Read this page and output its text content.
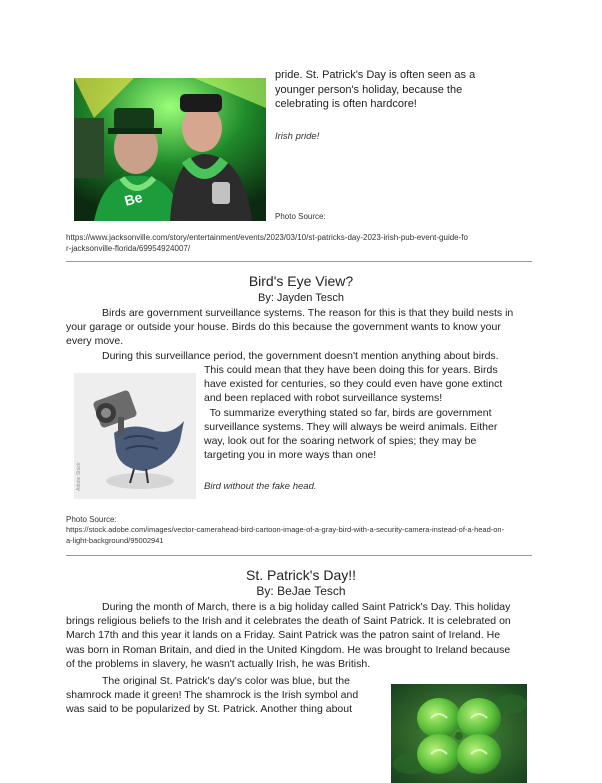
Be
pride. St. Patrick's Day is often seen as a
younger person's holiday, because the
celebrating is often hardcore!
Irish pride!
Photo Source:
https://www.jacksonville.com/story/entertainment/events/2023/03/10/st-patricks-day-2023-irish-pub-event-guide-fo
r-jacksonville-florida/69954924007/
Bird's Eye View?
By: Jayden Tesch
Birds are government surveillance systems. The reason for this is that they build nests in
your garage or outside your house. Birds do this because the government wants to know your
every move.
During this surveillance period, the government doesn't mention anything about birds.
Adobe Stock
This could mean that they have been doing this for years. Birds
have existed for centuries, so they could even have gone extinct
and been replaced with robot surveillance systems!
To summarize everything stated so far, birds are government
surveillance systems. They will always be weird animals. Either
way, look out for the soaring network of spies; they may be
targeting you in more ways than one!
Bird without the fake head.
Photo Source:
https://stock.adobe.com/images/vector-camerahead-bird-cartoon-image-of-a-gray-bird-with-a-security-camera-instead-of-a-head-on-
a-light-background/95002941
St. Patrick's Day!!
By: BeJae Tesch
During the month of March, there is a big holiday called Saint Patrick's Day. This holiday
brings religious beliefs to the Irish and it celebrates the death of Saint Patrick. It is celebrated on
March 17th and this year it lands on a Friday. Saint Patrick was the patron saint of Ireland. He
was born in Roman Britain, and died in the United Kingdom. He was brought to Ireland because
of the problems in slavery, he wasn't actually Irish, he was British.
The original St. Patrick's day's color was blue, but the
shamrock made it green! The shamrock is the Irish symbol and
was said to be popularized by St. Patrick. Another thing about
